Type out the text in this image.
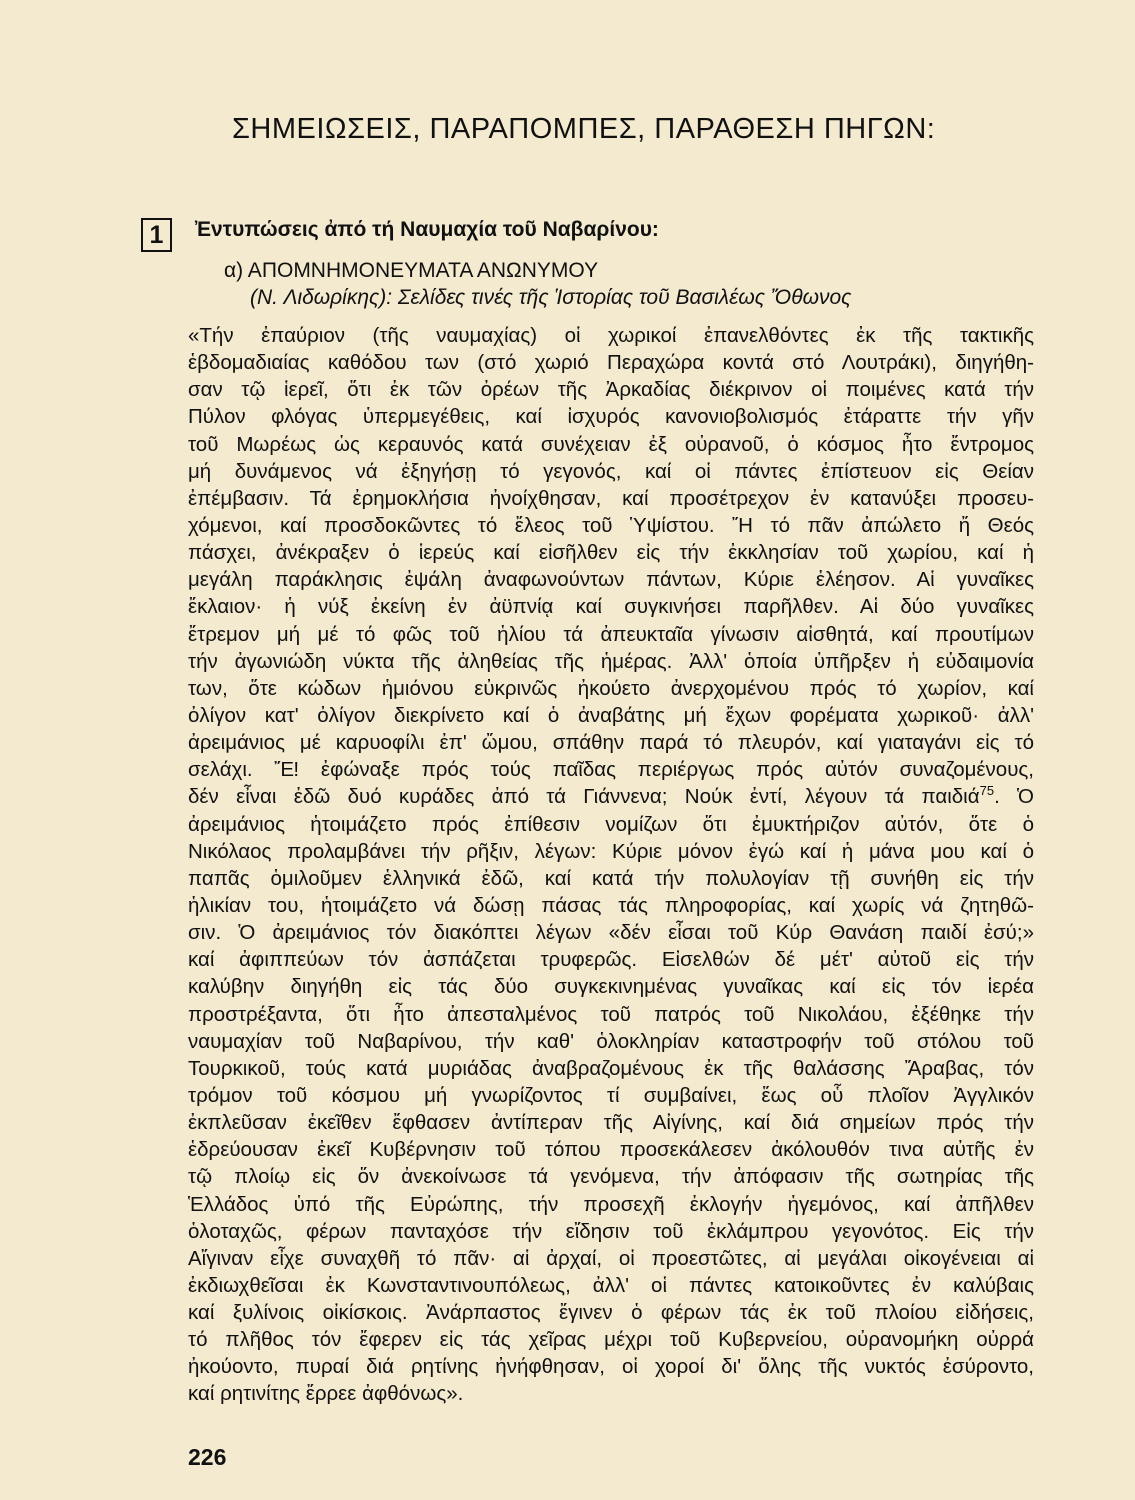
ΣΗΜΕΙΩΣΕΙΣ, ΠΑΡΑΠΟΜΠΕΣ, ΠΑΡΑΘΕΣΗ ΠΗΓΩΝ:
1	Ἐντυπώσεις ἀπό τή Ναυμαχία τοῦ Ναβαρίνου:
α) ΑΠΟΜΝΗΜΟΝΕΥΜΑΤΑ ΑΝΩΝΥΜΟΥ
(Ν. Λιδωρίκης): Σελίδες τινές τῆς Ἱστορίας τοῦ Βασιλέως Ὄθωνος
«Τήν ἐπαύριον (τῆς ναυμαχίας) οἱ χωρικοί ἐπανελθόντες ἐκ τῆς τακτικῆς
ἑβδομαδιαίας καθόδου των (στό χωριό Περαχώρα κοντά στό Λουτράκι), διηγήθη-
σαν τῷ ἱερεῖ, ὅτι ἐκ τῶν ὀρέων τῆς Ἀρκαδίας διέκρινον οἱ ποιμένες κατά τήν
Πύλον φλόγας ὑπερμεγέθεις, καί ἰσχυρός κανονιοβολισμός ἐτάραττε τήν γῆν
τοῦ Μωρέως ὡς κεραυνός κατά συνέχειαν ἐξ οὐρανοῦ, ὁ κόσμος ἦτο ἔντρομος
μή δυνάμενος νά ἐξηγήσῃ τό γεγονός, καί οἱ πάντες ἐπίστευον εἰς Θείαν
ἐπέμβασιν. Τά ἐρημοκλήσια ἠνοίχθησαν, καί προσέτρεχον ἐν κατανύξει προσευ-
χόμενοι, καί προσδοκῶντες τό ἔλεος τοῦ Ὑψίστου. Ἤ τό πᾶν ἀπώλετο ἤ Θεός
πάσχει, ἀνέκραξεν ὁ ἱερεύς καί εἰσῆλθεν εἰς τήν ἐκκλησίαν τοῦ χωρίου, καί ἡ
μεγάλη παράκλησις ἐψάλη ἀναφωνούντων πάντων, Κύριε ἐλέησον. Αἱ γυναῖκες
ἔκλαιον· ἡ νύξ ἐκείνη ἐν ἀϋπνίᾳ καί συγκινήσει παρῆλθεν. Αἱ δύο γυναῖκες
ἔτρεμον μή μέ τό φῶς τοῦ ἡλίου τά ἀπευκταῖα γίνωσιν αἰσθητά, καί προυτίμων
τήν ἀγωνιώδη νύκτα τῆς ἀληθείας τῆς ἡμέρας. Ἀλλ' ὁποία ὑπῆρξεν ἡ εὐδαιμονία
των, ὅτε κώδων ἡμιόνου εὐκρινῶς ἠκούετο ἀνερχομένου πρός τό χωρίον, καί
ὀλίγον κατ' ὀλίγον διεκρίνετο καί ὁ ἀναβάτης μή ἔχων φορέματα χωρικοῦ· ἀλλ'
ἀρειμάνιος μέ καρυοφίλι ἐπ' ὤμου, σπάθην παρά τό πλευρόν, καί γιαταγάνι εἰς τό
σελάχι. Ἔ! ἐφώναξε πρός τούς παῖδας περιέργως πρός αὐτόν συναζομένους,
δέν εἶναι ἐδῶ δυό κυράδες ἀπό τά Γιάννενα; Νούκ ἐντί, λέγουν τά παιδιά$^{75}$. Ὁ
ἀρειμάνιος ἡτοιμάζετο πρός ἐπίθεσιν νομίζων ὅτι ἐμυκτήριζον αὐτόν, ὅτε ὁ
Νικόλαος προλαμβάνει τήν ρῆξιν, λέγων: Κύριε μόνον ἐγώ καί ἡ μάνα μου καί ὁ
παπᾶς ὁμιλοῦμεν ἑλληνικά ἐδῶ, καί κατά τήν πολυλογίαν τῇ συνήθη εἰς τήν
ἡλικίαν του, ἡτοιμάζετο νά δώσῃ πάσας τάς πληροφορίας, καί χωρίς νά ζητηθῶ-
σιν. Ὁ ἀρειμάνιος τόν διακόπτει λέγων «δέν εἶσαι τοῦ Κύρ Θανάση παιδί ἐσύ;»
καί ἀφιππεύων τόν ἀσπάζεται τρυφερῶς. Εἰσελθών δέ μέτ' αὐτοῦ εἰς τήν
καλύβην διηγήθη εἰς τάς δύο συγκεκινημένας γυναῖκας καί εἰς τόν ἱερέα
προστρέξαντα, ὅτι ἦτο ἀπεσταλμένος τοῦ πατρός τοῦ Νικολάου, ἐξέθηκε τήν
ναυμαχίαν τοῦ Ναβαρίνου, τήν καθ' ὁλοκληρίαν καταστροφήν τοῦ στόλου τοῦ
Τουρκικοῦ, τούς κατά μυριάδας ἀναβραζομένους ἐκ τῆς θαλάσσης Ἄραβας, τόν
τρόμον τοῦ κόσμου μή γνωρίζοντος τί συμβαίνει, ἕως οὗ πλοῖον Ἀγγλικόν
ἐκπλεῦσαν ἐκεῖθεν ἔφθασεν ἀντίπεραν τῆς Αἰγίνης, καί διά σημείων πρός τήν
ἑδρεύουσαν ἐκεῖ Κυβέρνησιν τοῦ τόπου προσεκάλεσεν ἀκόλουθόν τινα αὐτῆς ἐν
τῷ πλοίῳ εἰς ὅν ἀνεκοίνωσε τά γενόμενα, τήν ἀπόφασιν τῆς σωτηρίας τῆς
Ἑλλάδος ὑπό τῆς Εὐρώπης, τήν προσεχῆ ἐκλογήν ἡγεμόνος, καί ἀπῆλθεν
ὁλοταχῶς, φέρων πανταχόσε τήν εἴδησιν τοῦ ἐκλάμπρου γεγονότος. Εἰς τήν
Αἴγιναν εἶχε συναχθῆ τό πᾶν· αἱ ἀρχαί, οἱ προεστῶτες, αἱ μεγάλαι οἰκογένειαι αἱ
ἐκδιωχθεῖσαι ἐκ Κωνσταντινουπόλεως, ἀλλ' οἱ πάντες κατοικοῦντες ἐν καλύβαις
καί ξυλίνοις οἰκίσκοις. Ἀνάρπαστος ἔγινεν ὁ φέρων τάς ἐκ τοῦ πλοίου εἰδήσεις,
τό πλῆθος τόν ἔφερεν εἰς τάς χεῖρας μέχρι τοῦ Κυβερνείου, οὐρανομήκη οὐρρά
ἠκούοντο, πυραί διά ρητίνης ἠνήφθησαν, οἱ χοροί δι' ὅλης τῆς νυκτός ἐσύροντο,
καί ρητινίτης ἔρρεε ἀφθόνως».
226
